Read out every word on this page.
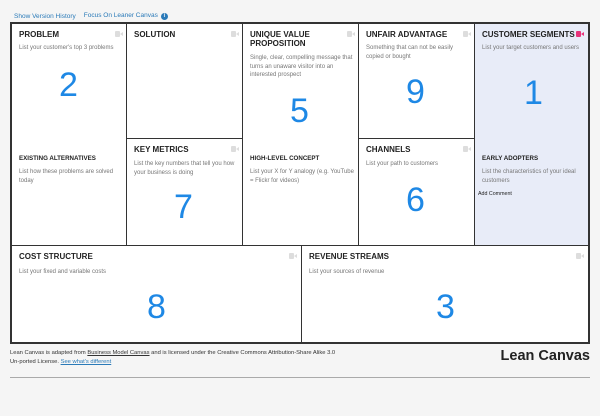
Show Version History Focus On Leaner Canvas i
PROBLEM
List your customer's top 3 problems
2
EXISTING ALTERNATIVES
List how these problems are solved today
SOLUTION
KEY METRICS
List the key numbers that tell you how your business is doing
7
UNIQUE VALUE PROPOSITION
Single, clear, compelling message that turns an unaware visitor into an interested prospect
5
HIGH-LEVEL CONCEPT
List your X for Y analogy (e.g. YouTube = Flickr for videos)
UNFAIR ADVANTAGE
Something that can not be easily copied or bought
9
CHANNELS
List your path to customers
6
CUSTOMER SEGMENTS
List your target customers and users
1
EARLY ADOPTERS
List the characteristics of your ideal customers
Add Comment
COST STRUCTURE
List your fixed and variable costs
8
REVENUE STREAMS
List your sources of revenue
3
Lean Canvas is adapted from Business Model Canvas and is licensed under the Creative Commons Attribution-Share Alike 3.0
Un-ported License. See what's different	Lean Canvas
